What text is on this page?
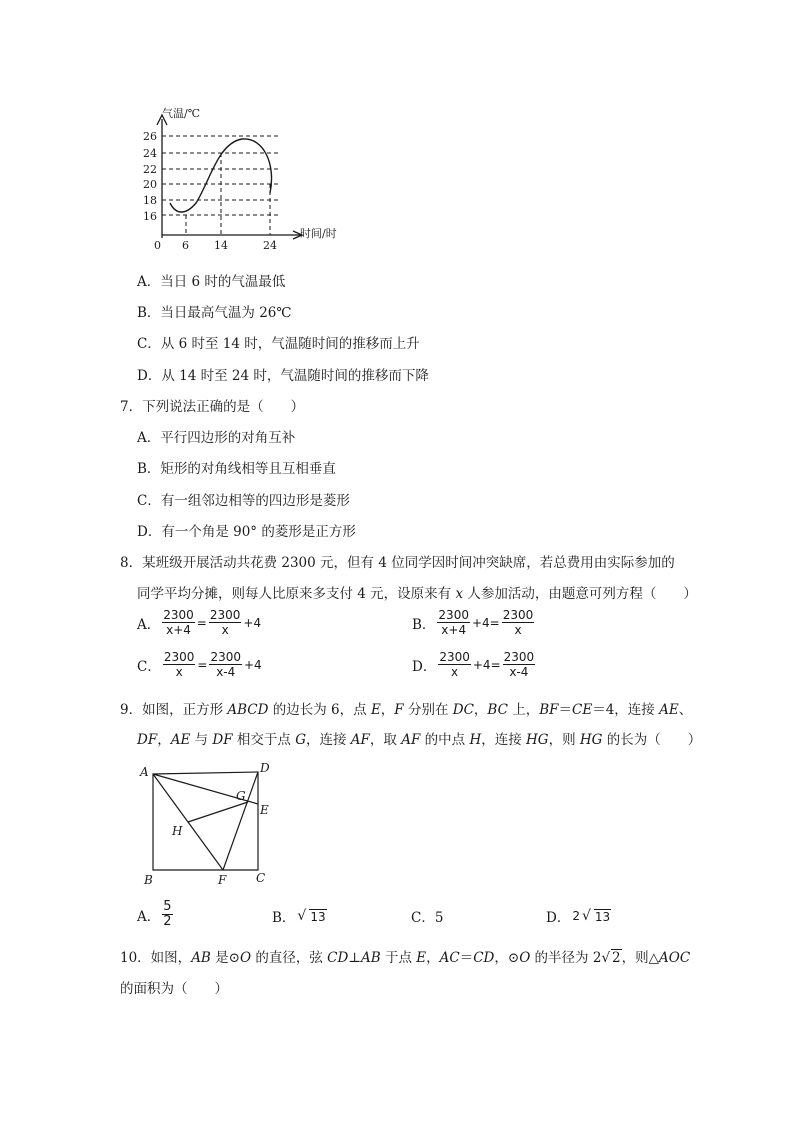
气温/℃
时间/时
26
24
22
20
18
16
0 6 14	24
A．当日 6 时的气温最低
B．当日最高气温为 26℃
C．从 6 时至 14 时，气温随时间的推移而上升
D．从 14 时至 24 时，气温随时间的推移而下降
7．下列说法正确的是（　　）
A．平行四边形的对角互补
B．矩形的对角线相等且互相垂直
C．有一组邻边相等的四边形是菱形
D．有一个角是 90° 的菱形是正方形
8．某班级开展活动共花费 2300 元，但有 4 位同学因时间冲突缺席，若总费用由实际参加的
同学平均分摊，则每人比原来多支付 4 元，设原来有 x 人参加活动，由题意可列方程（　　）
A． $\frac{2300}{x+4} = \frac{2300}{x} +4$	B． $\frac{2300}{x+4} +4= \frac{2300}{x}$
C． $\frac{2300}{x} = \frac{2300}{x-4} +4$	D． $\frac{2300}{x} +4= \frac{2300}{x-4}$
9．如图，正方形 ABCD 的边长为 6，点 E，F 分别在 DC，BC 上，BF＝CE＝4，连接 AE、
DF，AE 与 DF 相交于点 G，连接 AF，取 AF 的中点 H，连接 HG，则 HG 的长为（　　）
A	D
G
E
H
B	F C
A． $\frac{5}{2}$	B． √ 13	C．5	D． 2 √ 13
10．如图，AB 是⊙O 的直径，弦 CD⊥AB 于点 E，AC＝CD，⊙O 的半径为 2√ 2，则△AOC
的面积为（　　）
